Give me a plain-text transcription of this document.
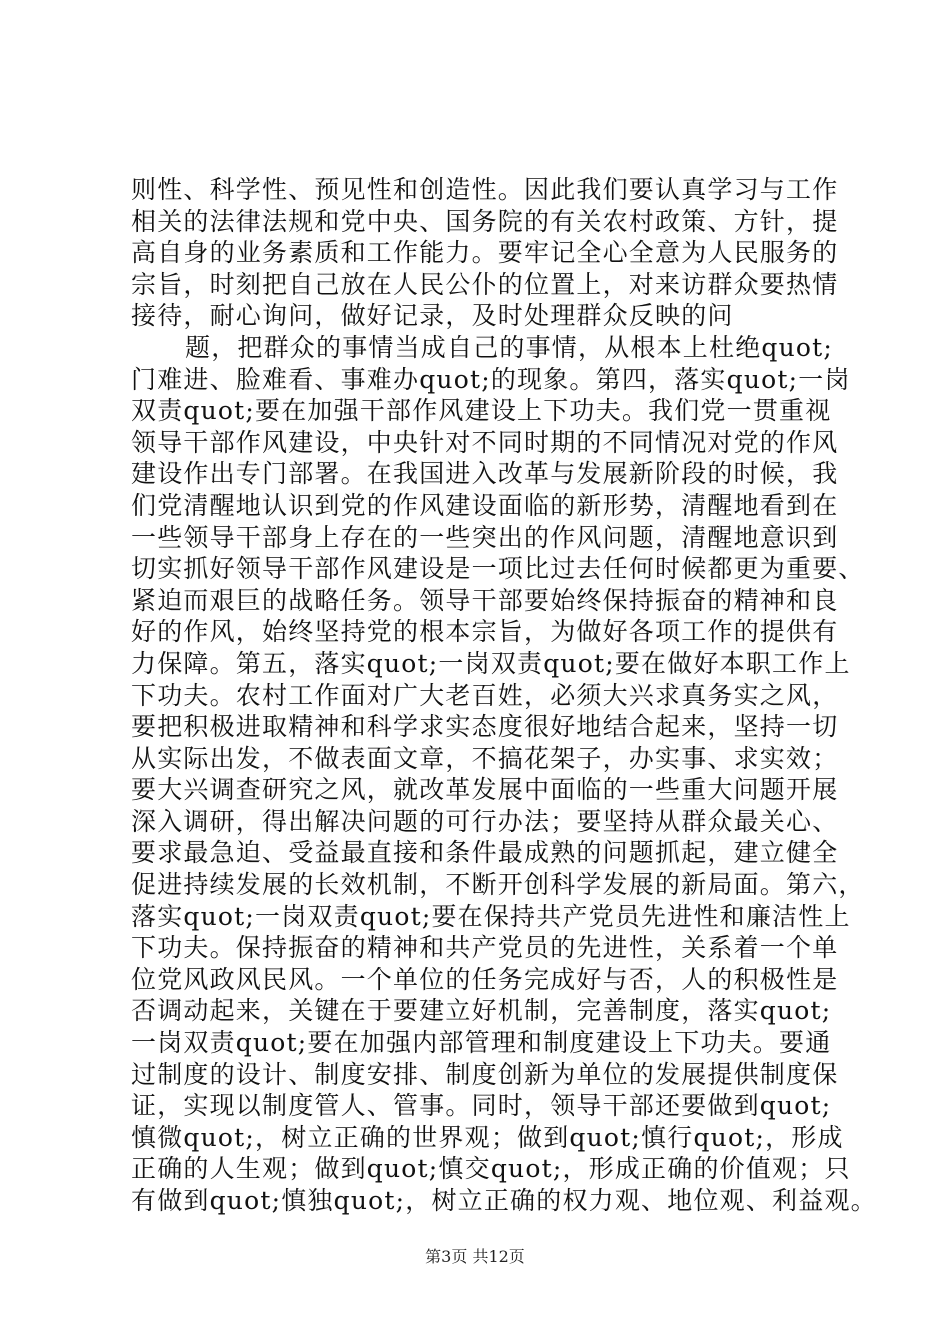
则性、科学性、预见性和创造性。因此我们要认真学习与工作
相关的法律法规和党中央、国务院的有关农村政策、方针，提
高自身的业务素质和工作能力。要牢记全心全意为人民服务的
宗旨，时刻把自己放在人民公仆的位置上，对来访群众要热情
接待，耐心询问，做好记录，及时处理群众反映的问
题，把群众的事情当成自己的事情，从根本上杜绝quot;
门难进、脸难看、事难办quot;的现象。第四，落实quot;一岗
双责quot;要在加强干部作风建设上下功夫。我们党一贯重视
领导干部作风建设，中央针对不同时期的不同情况对党的作风
建设作出专门部署。在我国进入改革与发展新阶段的时候，我
们党清醒地认识到党的作风建设面临的新形势，清醒地看到在
一些领导干部身上存在的一些突出的作风问题，清醒地意识到
切实抓好领导干部作风建设是一项比过去任何时候都更为重要、
紧迫而艰巨的战略任务。领导干部要始终保持振奋的精神和良
好的作风，始终坚持党的根本宗旨，为做好各项工作的提供有
力保障。第五，落实quot;一岗双责quot;要在做好本职工作上
下功夫。农村工作面对广大老百姓，必须大兴求真务实之风，
要把积极进取精神和科学求实态度很好地结合起来，坚持一切
从实际出发，不做表面文章，不搞花架子，办实事、求实效；
要大兴调查研究之风，就改革发展中面临的一些重大问题开展
深入调研，得出解决问题的可行办法；要坚持从群众最关心、
要求最急迫、受益最直接和条件最成熟的问题抓起，建立健全
促进持续发展的长效机制，不断开创科学发展的新局面。第六，
落实quot;一岗双责quot;要在保持共产党员先进性和廉洁性上
下功夫。保持振奋的精神和共产党员的先进性，关系着一个单
位党风政风民风。一个单位的任务完成好与否，人的积极性是
否调动起来，关键在于要建立好机制，完善制度，落实quot;
一岗双责quot;要在加强内部管理和制度建设上下功夫。要通
过制度的设计、制度安排、制度创新为单位的发展提供制度保
证，实现以制度管人、管事。同时，领导干部还要做到quot;
慎微quot;，树立正确的世界观；做到quot;慎行quot;，形成
正确的人生观；做到quot;慎交quot;，形成正确的价值观；只
有做到quot;慎独quot;，树立正确的权力观、地位观、利益观。
第3页 共12页
